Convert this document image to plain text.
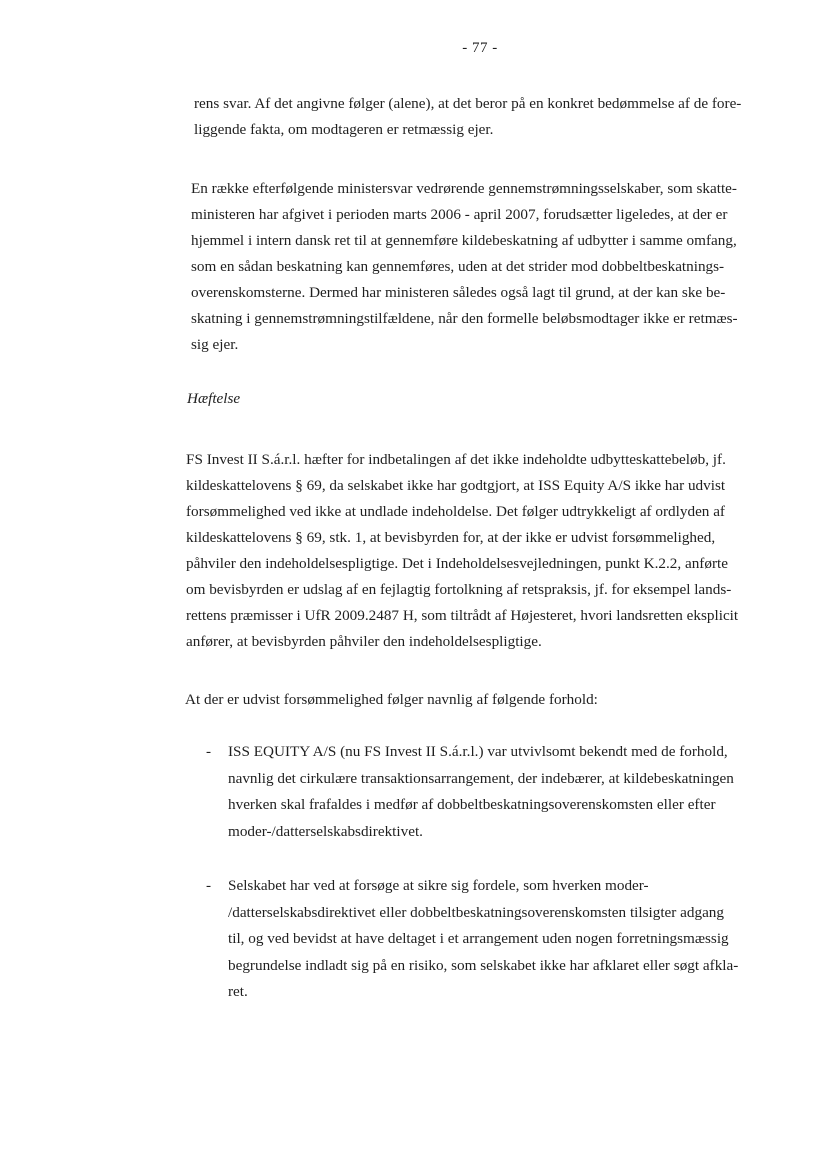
- 77 -

rens svar. Af det angivne følger (alene), at det beror på en konkret bedømmelse af de fore-
liggende fakta, om modtageren er retmæssig ejer.

En række efterfølgende ministersvar vedrørende gennemstrømningsselskaber, som skatte-
ministeren har afgivet i perioden marts 2006 - april 2007, forudsætter ligeledes, at der er
hjemmel i intern dansk ret til at gennemføre kildebeskatning af udbytter i samme omfang,
som en sådan beskatning kan gennemføres, uden at det strider mod dobbeltbeskatnings-
overenskomsterne. Dermed har ministeren således også lagt til grund, at der kan ske be-
skatning i gennemstrømningstilfældene, når den formelle beløbsmodtager ikke er retmæs-
sig ejer.

Hæftelse

FS Invest II S.á.r.l. hæfter for indbetalingen af det ikke indeholdte udbytteskattebeløb, jf.
kildeskattelovens § 69, da selskabet ikke har godtgjort, at ISS Equity A/S ikke har udvist
forsømmelighed ved ikke at undlade indeholdelse. Det følger udtrykkeligt af ordlyden af
kildeskattelovens § 69, stk. 1, at bevisbyrden for, at der ikke er udvist forsømmelighed,
påhviler den indeholdelsespligtige. Det i Indeholdelsesvejledningen, punkt K.2.2, anførte
om bevisbyrden er udslag af en fejlagtig fortolkning af retspraksis, jf. for eksempel lands-
rettens præmisser i UfR 2009.2487 H, som tiltrådt af Højesteret, hvori landsretten eksplicit
anfører, at bevisbyrden påhviler den indeholdelsespligtige.

At der er udvist forsømmelighed følger navnlig af følgende forhold:

- ISS EQUITY A/S (nu FS Invest II S.á.r.l.) var utvivlsomt bekendt med de forhold,
navnlig det cirkulære transaktionsarrangement, der indebærer, at kildebeskatningen
hverken skal frafaldes i medfør af dobbeltbeskatningsoverenskomsten eller efter
moder-/datterselskabsdirektivet.
- Selskabet har ved at forsøge at sikre sig fordele, som hverken moder-
/datterselskabsdirektivet eller dobbeltbeskatningsoverenskomsten tilsigter adgang
til, og ved bevidst at have deltaget i et arrangement uden nogen forretningsmæssig
begrundelse indladt sig på en risiko, som selskabet ikke har afklaret eller søgt afkla-
ret.
